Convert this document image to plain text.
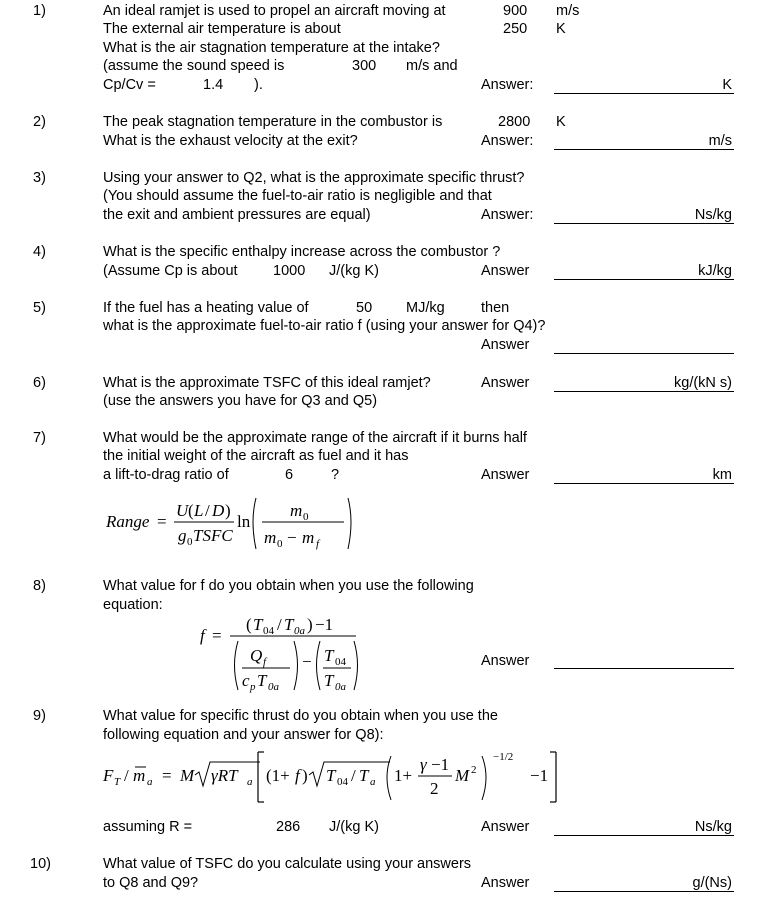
1)	An ideal ramjet is used to propel an aircraft moving at	900 m/s
The external air temperature is about	250 K
What is the air stagnation temperature at the intake?
(assume the sound speed is	300 m/s and
Cp/Cv =	1.4 ).	Answer:	K
2)	The peak stagnation temperature in the combustor is	2800 K
What is the exhaust velocity at the exit?	Answer:	m/s
3)	Using your answer to Q2, what is the approximate specific thrust?
(You should assume the fuel-to-air ratio is negligible and that
the exit and ambient pressures are equal)	Answer:	Ns/kg
4)	What is the specific enthalpy increase across the combustor ?
(Assume Cp is about 1000 J/(kg K)	Answer	kJ/kg
5)	If the fuel has a heating value of	50 MJ/kg	then
what is the approximate fuel-to-air ratio f (using your answer for Q4)?
Answer
6)	What is the approximate TSFC of this ideal ramjet?	Answer	kg/(kN s)
(use the answers you have for Q3 and Q5)
7)	What would be the approximate range of the aircraft if it burns half
the initial weight of the aircraft as fuel and it has
a lift-to-drag ratio of	6	?	Answer	km
Range =
U ( L / D )
g 0 TSFC
ln
m 0
m 0 − m f
8)	What value for f do you obtain when you use the following
equation:
f =
( T 04 / T 0a ) −1
Q f
c p T 0a
− T 04
T 0a
Answer
9)	What value for specific thrust do you obtain when you use the
following equation and your answer for Q8):
F T / m a = M γRT a (1+ f ) T 04 / T a 1+
γ −1
2
M 2
−1/2
−1
assuming R =	286 J/(kg K)	Answer	Ns/kg
10)	What value of TSFC do you calculate using your answers
to Q8 and Q9?	Answer	g/(Ns)
